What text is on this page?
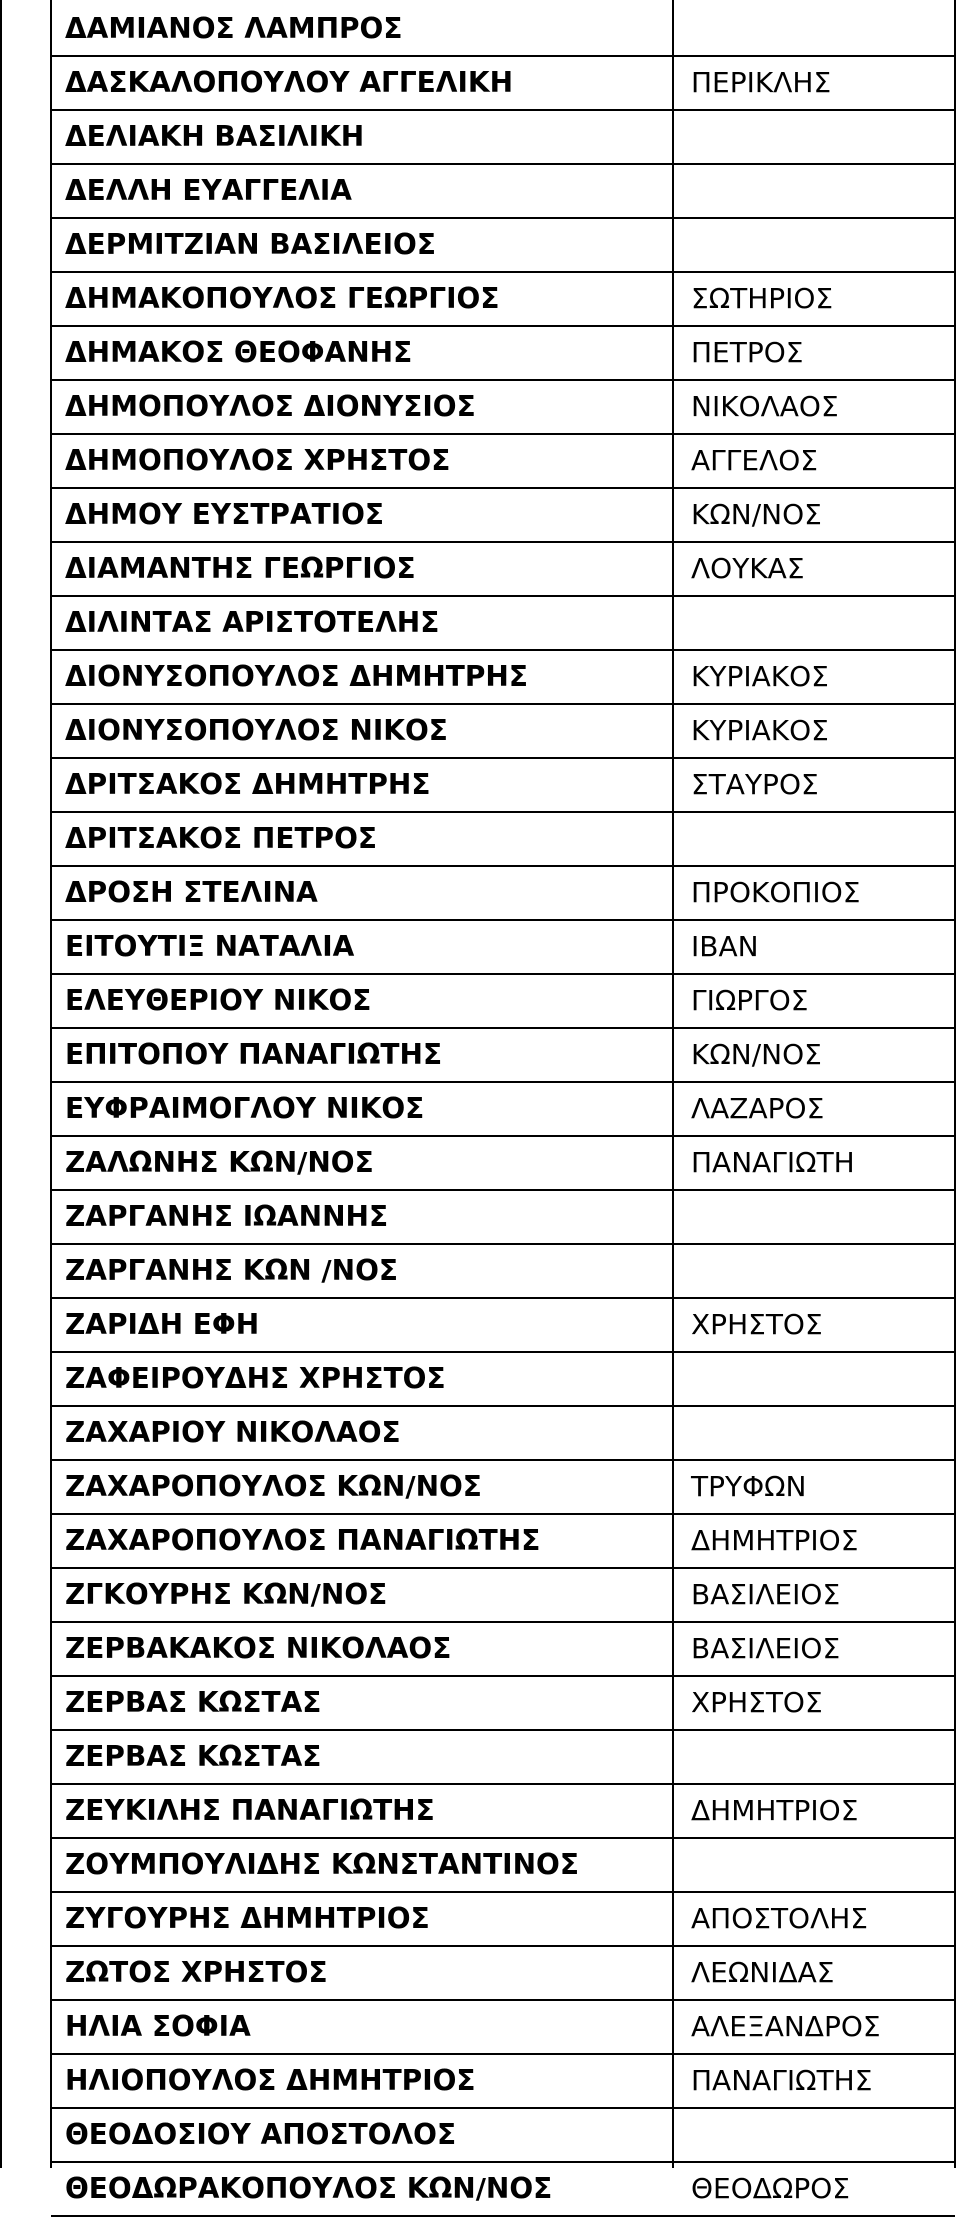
ΔΑΜΙΑΝΟΣ ΛΑΜΠΡΟΣ	
ΔΑΣΚΑΛΟΠΟΥΛΟΥ ΑΓΓΕΛΙΚΗ	ΠΕΡΙΚΛΗΣ
ΔΕΛΙΑΚΗ ΒΑΣΙΛΙΚΗ	
ΔΕΛΛΗ ΕΥΑΓΓΕΛΙΑ	
ΔΕΡΜΙΤΖΙΑΝ ΒΑΣΙΛΕΙΟΣ	
ΔΗΜΑΚΟΠΟΥΛΟΣ ΓΕΩΡΓΙΟΣ	ΣΩΤΗΡΙΟΣ
ΔΗΜΑΚΟΣ ΘΕΟΦΑΝΗΣ	ΠΕΤΡΟΣ
ΔΗΜΟΠΟΥΛΟΣ ΔΙΟΝΥΣΙΟΣ	ΝΙΚΟΛΑΟΣ
ΔΗΜΟΠΟΥΛΟΣ ΧΡΗΣΤΟΣ	ΑΓΓΕΛΟΣ
ΔΗΜΟΥ ΕΥΣΤΡΑΤΙΟΣ	ΚΩΝ/ΝΟΣ
ΔΙΑΜΑΝΤΗΣ ΓΕΩΡΓΙΟΣ	ΛΟΥΚΑΣ
ΔΙΛΙΝΤΑΣ ΑΡΙΣΤΟΤΕΛΗΣ	
ΔΙΟΝΥΣΟΠΟΥΛΟΣ ΔΗΜΗΤΡΗΣ	ΚΥΡΙΑΚΟΣ
ΔΙΟΝΥΣΟΠΟΥΛΟΣ ΝΙΚΟΣ	ΚΥΡΙΑΚΟΣ
ΔΡΙΤΣΑΚΟΣ ΔΗΜΗΤΡΗΣ	ΣΤΑΥΡΟΣ
ΔΡΙΤΣΑΚΟΣ ΠΕΤΡΟΣ	
ΔΡΟΣΗ ΣΤΕΛΙΝΑ	ΠΡΟΚΟΠΙΟΣ
ΕΙΤΟΥΤΙΞ ΝΑΤΑΛΙΑ	ΙΒΑΝ
ΕΛΕΥΘΕΡΙΟΥ ΝΙΚΟΣ	ΓΙΩΡΓΟΣ
ΕΠΙΤΟΠΟΥ ΠΑΝΑΓΙΩΤΗΣ	ΚΩΝ/ΝΟΣ
ΕΥΦΡΑΙΜΟΓΛΟΥ ΝΙΚΟΣ	ΛΑΖΑΡΟΣ
ΖΑΛΩΝΗΣ ΚΩΝ/ΝΟΣ	ΠΑΝΑΓΙΩΤΗ
ΖΑΡΓΑΝΗΣ ΙΩΑΝΝΗΣ	
ΖΑΡΓΑΝΗΣ ΚΩΝ /ΝΟΣ	
ΖΑΡΙΔΗ ΕΦΗ	ΧΡΗΣΤΟΣ
ΖΑΦΕΙΡΟΥΔΗΣ ΧΡΗΣΤΟΣ	
ΖΑΧΑΡΙΟΥ ΝΙΚΟΛΑΟΣ	
ΖΑΧΑΡΟΠΟΥΛΟΣ ΚΩΝ/ΝΟΣ	ΤΡΥΦΩΝ
ΖΑΧΑΡΟΠΟΥΛΟΣ ΠΑΝΑΓΙΩΤΗΣ	ΔΗΜΗΤΡΙΟΣ
ΖΓΚΟΥΡΗΣ ΚΩΝ/ΝΟΣ	ΒΑΣΙΛΕΙΟΣ
ΖΕΡΒΑΚΑΚΟΣ ΝΙΚΟΛΑΟΣ	ΒΑΣΙΛΕΙΟΣ
ΖΕΡΒΑΣ ΚΩΣΤΑΣ	ΧΡΗΣΤΟΣ
ΖΕΡΒΑΣ ΚΩΣΤΑΣ	
ΖΕΥΚΙΛΗΣ ΠΑΝΑΓΙΩΤΗΣ	ΔΗΜΗΤΡΙΟΣ
ΖΟΥΜΠΟΥΛΙΔΗΣ ΚΩΝΣΤΑΝΤΙΝΟΣ	
ΖΥΓΟΥΡΗΣ ΔΗΜΗΤΡΙΟΣ	ΑΠΟΣΤΟΛΗΣ
ΖΩΤΟΣ ΧΡΗΣΤΟΣ	ΛΕΩΝΙΔΑΣ
ΗΛΙΑ ΣΟΦΙΑ	ΑΛΕΞΑΝΔΡΟΣ
ΗΛΙΟΠΟΥΛΟΣ ΔΗΜΗΤΡΙΟΣ	ΠΑΝΑΓΙΩΤΗΣ
ΘΕΟΔΟΣΙΟΥ ΑΠΟΣΤΟΛΟΣ	
ΘΕΟΔΩΡΑΚΟΠΟΥΛΟΣ ΚΩΝ/ΝΟΣ	ΘΕΟΔΩΡΟΣ
